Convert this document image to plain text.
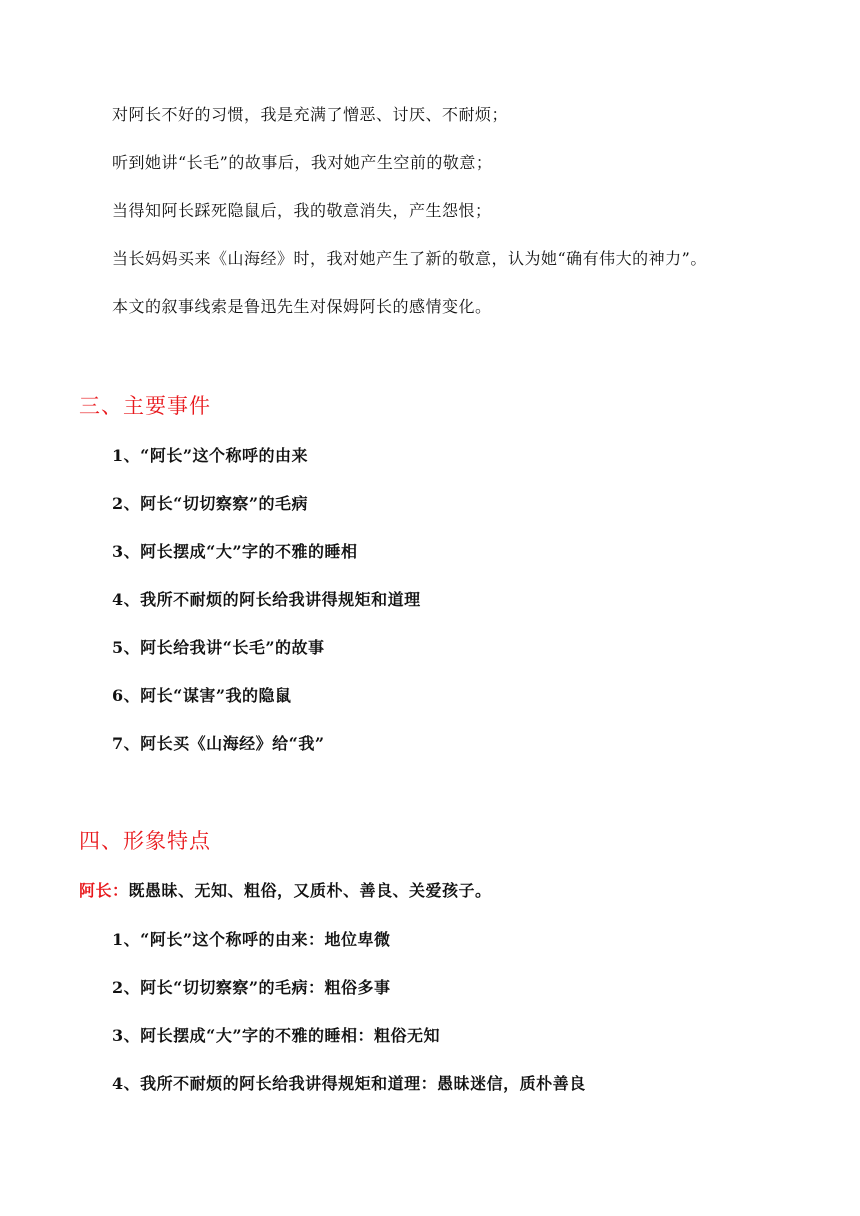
对阿长不好的习惯，我是充满了憎恶、讨厌、不耐烦；
听到她讲“长毛”的故事后，我对她产生空前的敬意；
当得知阿长踩死隐鼠后，我的敬意消失，产生怨恨；
当长妈妈买来《山海经》时，我对她产生了新的敬意，认为她“确有伟大的神力”。
本文的叙事线索是鲁迅先生对保姆阿长的感情变化。
三、主要事件
1、“阿长”这个称呼的由来
2、阿长“切切察察”的毛病
3、阿长摆成“大”字的不雅的睡相
4、我所不耐烦的阿长给我讲得规矩和道理
5、阿长给我讲“长毛”的故事
6、阿长“谋害”我的隐鼠
7、阿长买《山海经》给“我”
四、形象特点
阿长：既愚昧、无知、粗俗，又质朴、善良、关爱孩子。
1、“阿长”这个称呼的由来：地位卑微
2、阿长“切切察察”的毛病：粗俗多事
3、阿长摆成“大”字的不雅的睡相：粗俗无知
4、我所不耐烦的阿长给我讲得规矩和道理：愚昧迷信，质朴善良
